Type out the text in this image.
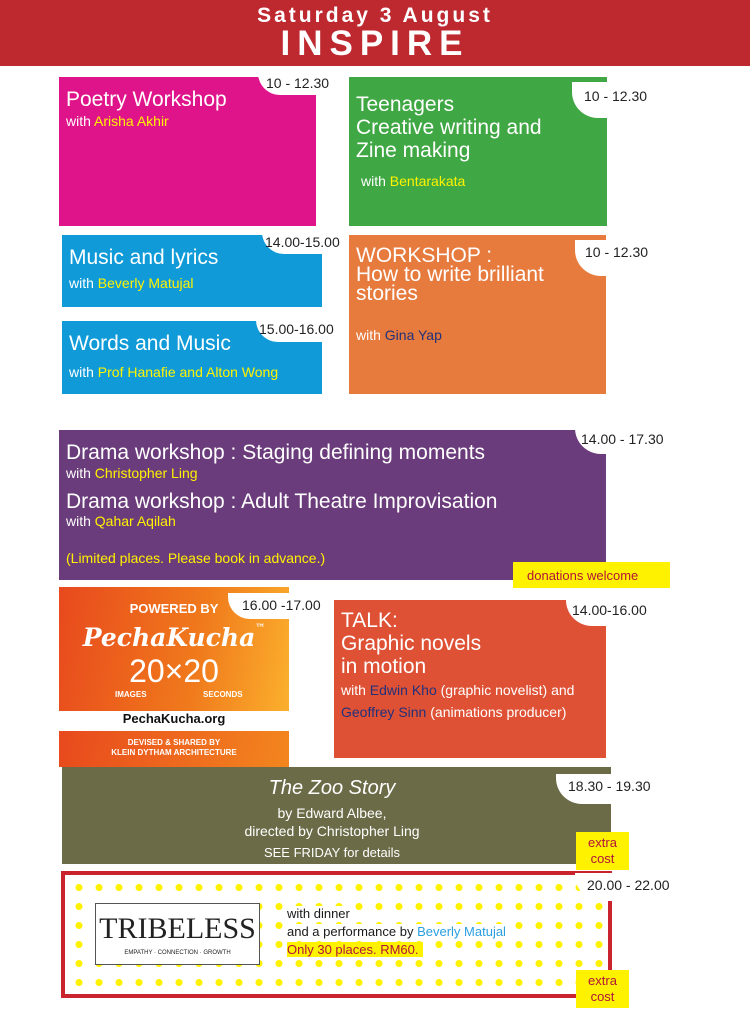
Saturday 3 August
INSPIRE
Poetry Workshop
with Arisha Akhir
10 - 12.30
Teenagers
Creative writing and
Zine making
with Bentarakata
10 - 12.30
Music and lyrics
with Beverly Matujal
14.00-15.00
WORKSHOP :
How to write brilliant
stories
with Gina Yap
10 - 12.30
Words and Music
with Prof Hanafie and Alton Wong
15.00-16.00
Drama workshop : Staging defining moments
with Christopher Ling
Drama workshop : Adult Theatre Improvisation
with Qahar Aqilah
(Limited places. Please book in advance.)
14.00 - 17.30
donations welcome
POWERED BY
PechaKucha™
20×20
IMAGES	SECONDS
PechaKucha.org
DEVISED & SHARED BY
KLEIN DYTHAM ARCHITECTURE
16.00 -17.00
TALK:
Graphic novels
in motion
with Edwin Kho (graphic novelist) and
Geoffrey Sinn (animations producer)
14.00-16.00
The Zoo Story
by Edward Albee,
directed by Christopher Ling
SEE FRIDAY for details
18.30 - 19.30
extra
cost
TRIBELESS
EMPATHY · CONNECTION · GROWTH
with dinner
and a performance by Beverly Matujal
Only 30 places. RM60.
20.00 - 22.00
extra
cost
